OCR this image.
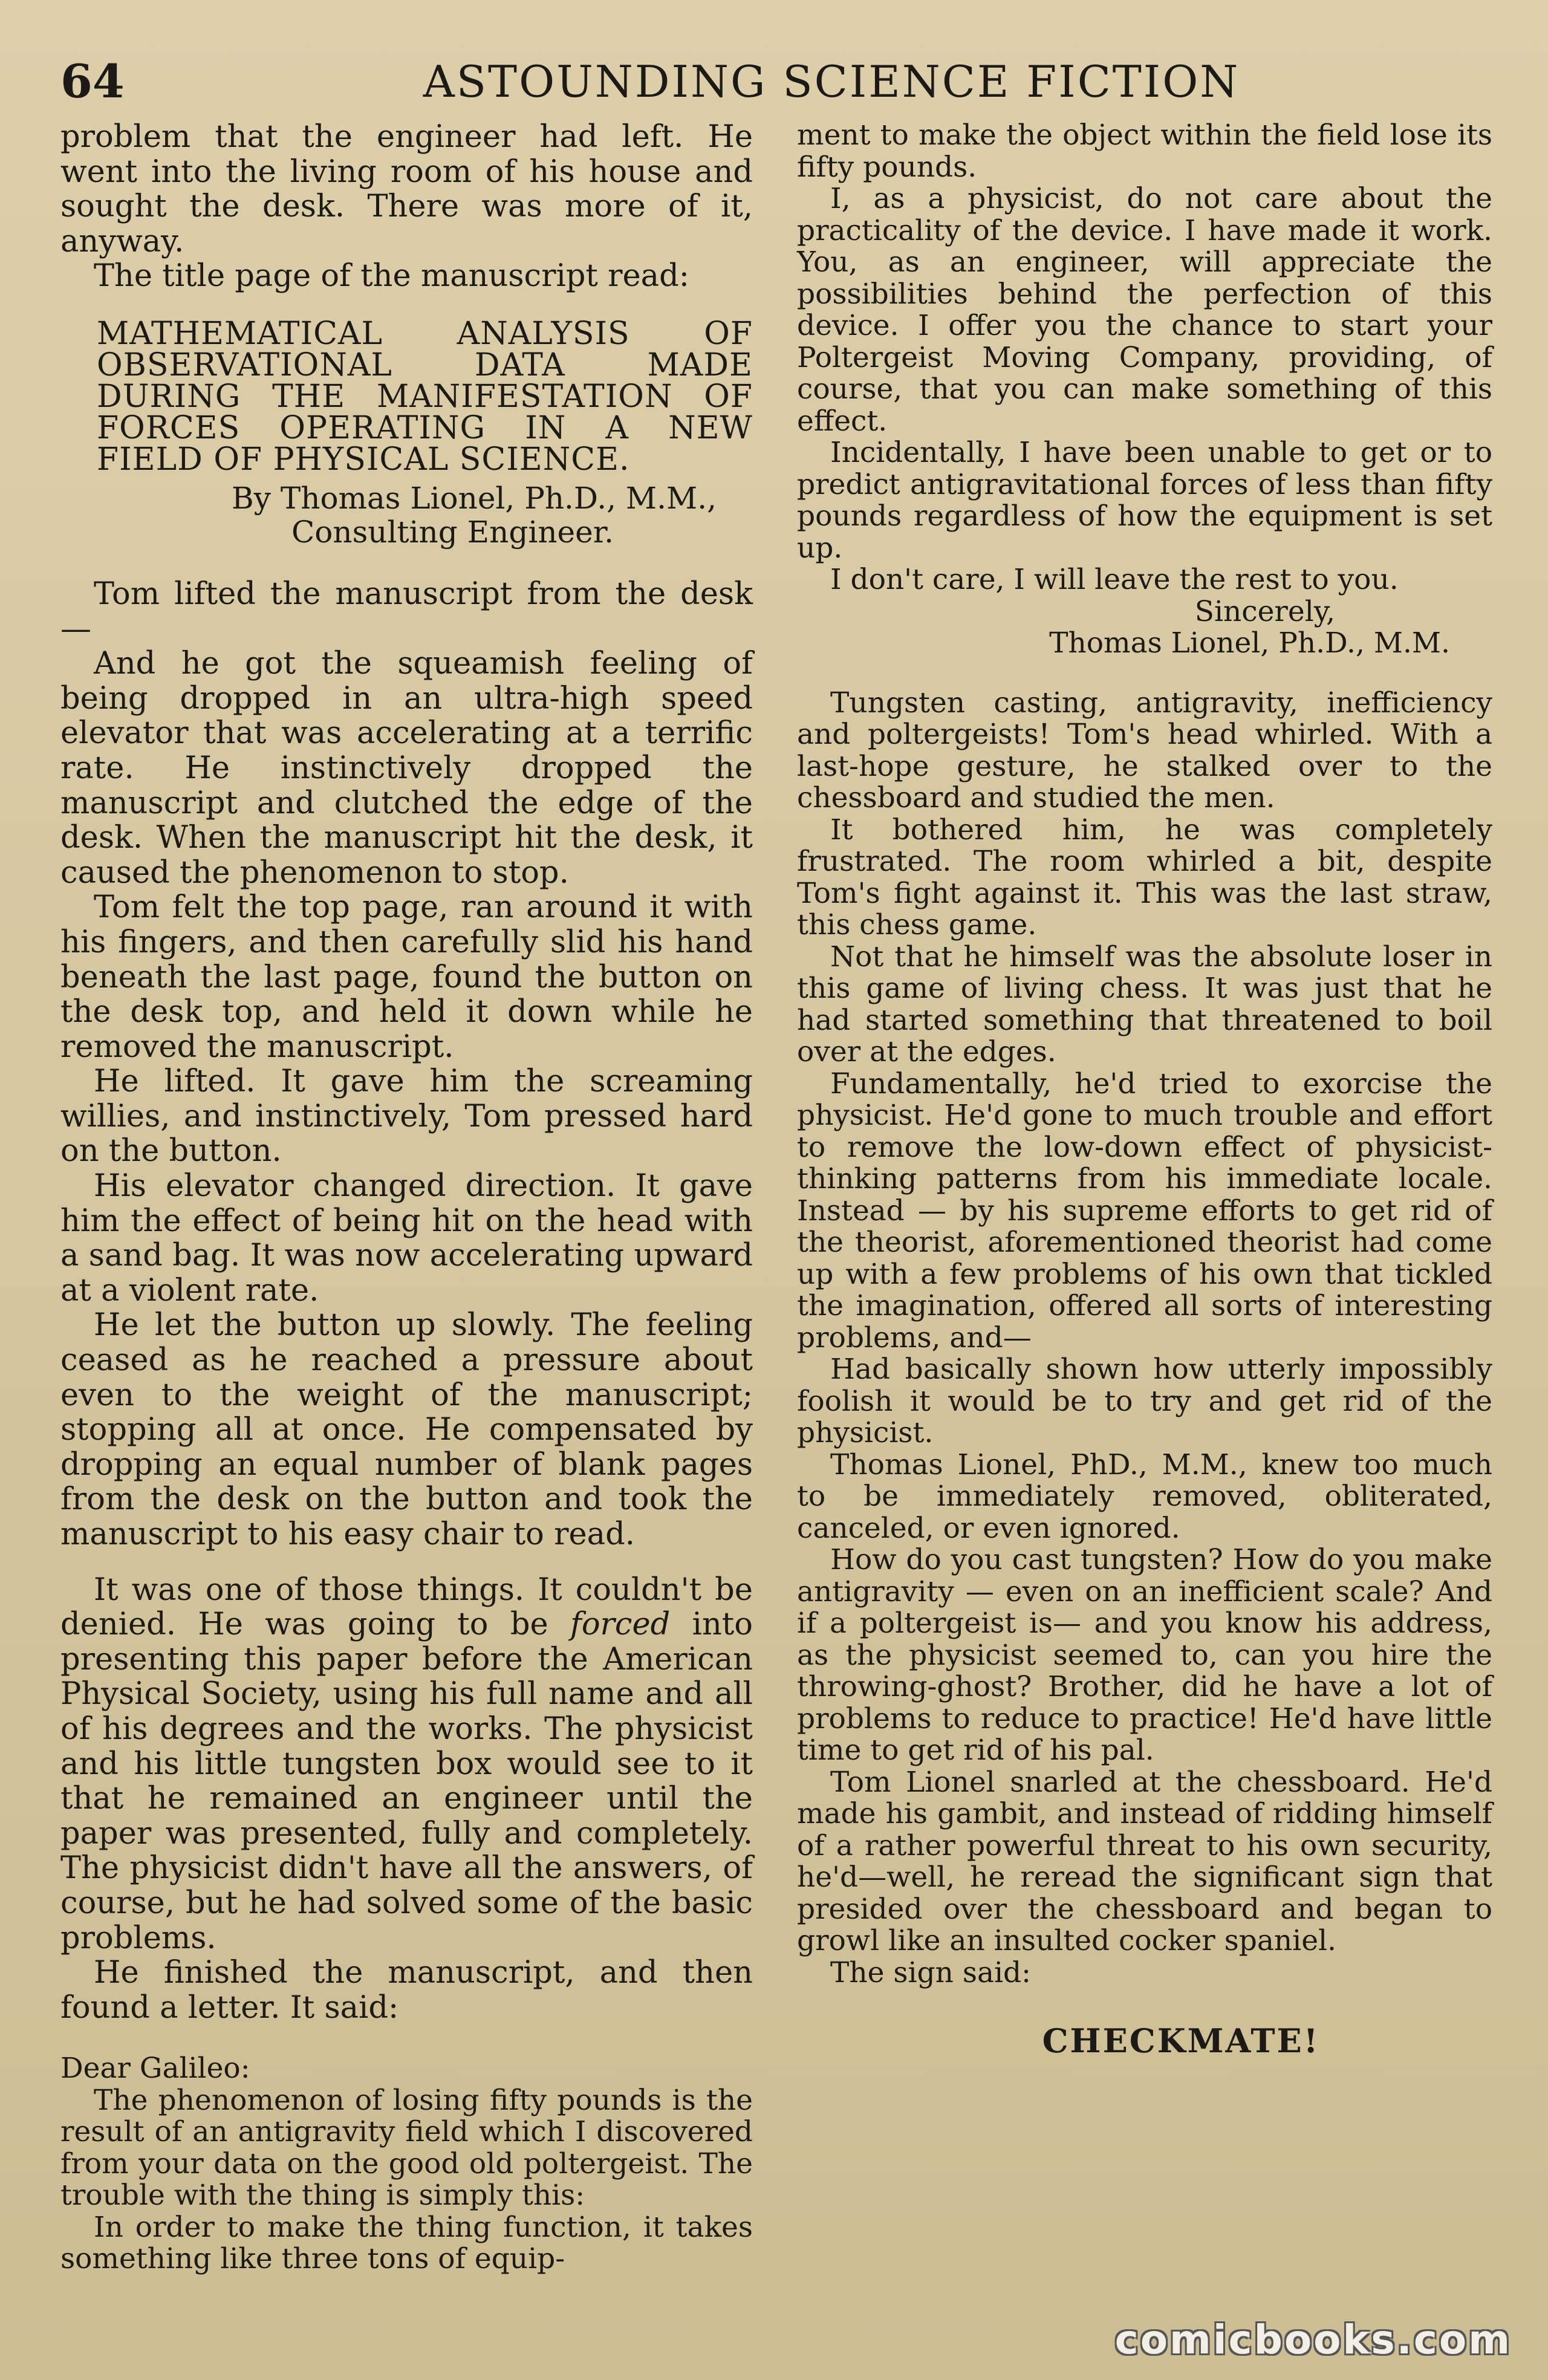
64	ASTOUNDING SCIENCE FICTION

problem that the engineer had left. He went into the living room of his house and sought the desk. There was more of it, anyway.

The title page of the manuscript read:

MATHEMATICAL ANALYSIS OF
OBSERVATIONAL DATA MADE
DURING THE MANIFESTATION OF
FORCES OPERATING IN A NEW
FIELD OF PHYSICAL SCIENCE.
By Thomas Lionel, Ph.D., M.M.,
Consulting Engineer.

Tom lifted the manuscript from the desk—

And he got the squeamish feeling of being dropped in an ultra-high speed elevator that was accelerating at a terrific rate. He instinctively dropped the manuscript and clutched the edge of the desk. When the manuscript hit the desk, it caused the phenomenon to stop.

Tom felt the top page, ran around it with his fingers, and then carefully slid his hand beneath the last page, found the button on the desk top, and held it down while he removed the manuscript.

He lifted. It gave him the screaming willies, and instinctively, Tom pressed hard on the button.

His elevator changed direction. It gave him the effect of being hit on the head with a sand bag. It was now accelerating upward at a violent rate.

He let the button up slowly. The feeling ceased as he reached a pressure about even to the weight of the manuscript; stopping all at once. He compensated by dropping an equal number of blank pages from the desk on the button and took the manuscript to his easy chair to read.

It was one of those things. It couldn't be denied. He was going to be forced into presenting this paper before the American Physical Society, using his full name and all of his degrees and the works. The physicist and his little tungsten box would see to it that he remained an engineer until the paper was presented, fully and completely. The physicist didn't have all the answers, of course, but he had solved some of the basic problems.

He finished the manuscript, and then found a letter. It said:

Dear Galileo:

The phenomenon of losing fifty pounds is the result of an antigravity field which I discovered from your data on the good old poltergeist. The trouble with the thing is simply this:

In order to make the thing function, it takes something like three tons of equip-

ment to make the object within the field lose its fifty pounds.

I, as a physicist, do not care about the practicality of the device. I have made it work. You, as an engineer, will appreciate the possibilities behind the perfection of this device. I offer you the chance to start your Poltergeist Moving Company, providing, of course, that you can make something of this effect.

Incidentally, I have been unable to get or to predict antigravitational forces of less than fifty pounds regardless of how the equipment is set up.

I don't care, I will leave the rest to you.

Sincerely,

Thomas Lionel, Ph.D., M.M.

Tungsten casting, antigravity, inefficiency and poltergeists! Tom's head whirled. With a last-hope gesture, he stalked over to the chessboard and studied the men.

It bothered him, he was completely frustrated. The room whirled a bit, despite Tom's fight against it. This was the last straw, this chess game.

Not that he himself was the absolute loser in this game of living chess. It was just that he had started something that threatened to boil over at the edges.

Fundamentally, he'd tried to exorcise the physicist. He'd gone to much trouble and effort to remove the low-down effect of physicist-thinking patterns from his immediate locale. Instead — by his supreme efforts to get rid of the theorist, aforementioned theorist had come up with a few problems of his own that tickled the imagination, offered all sorts of interesting problems, and—

Had basically shown how utterly impossibly foolish it would be to try and get rid of the physicist.

Thomas Lionel, PhD., M.M., knew too much to be immediately removed, obliterated, canceled, or even ignored.

How do you cast tungsten? How do you make antigravity — even on an inefficient scale? And if a poltergeist is— and you know his address, as the physicist seemed to, can you hire the throwing-ghost? Brother, did he have a lot of problems to reduce to practice! He'd have little time to get rid of his pal.

Tom Lionel snarled at the chessboard. He'd made his gambit, and instead of ridding himself of a rather powerful threat to his own security, he'd—well, he reread the significant sign that presided over the chessboard and began to growl like an insulted cocker spaniel.

The sign said:

CHECKMATE!
comicbooks.com
